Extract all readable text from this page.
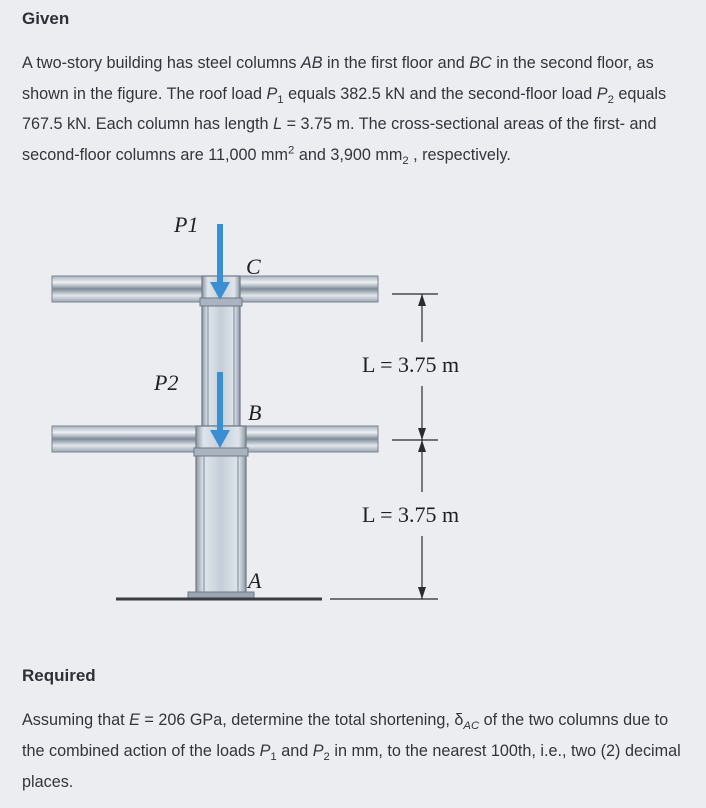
Given
A two-story building has steel columns AB in the first floor and BC in the second floor, as shown in the figure. The roof load $P_1$ equals 382.5 kN and the second-floor load $P_2$ equals 767.5 kN. Each column has length L = 3.75 m. The cross-sectional areas of the first- and second-floor columns are 11,000 $mm^2$ and 3,900 $mm_2$ , respectively.
P1
P2
C
B
A
L = 3.75 m
L = 3.75 m
Required
Assuming that E = 206 GPa, determine the total shortening, $\delta_{AC}$ of the two columns due to the combined action of the loads $P_1$ and $P_2$ in mm, to the nearest 100th, i.e., two (2) decimal places.
